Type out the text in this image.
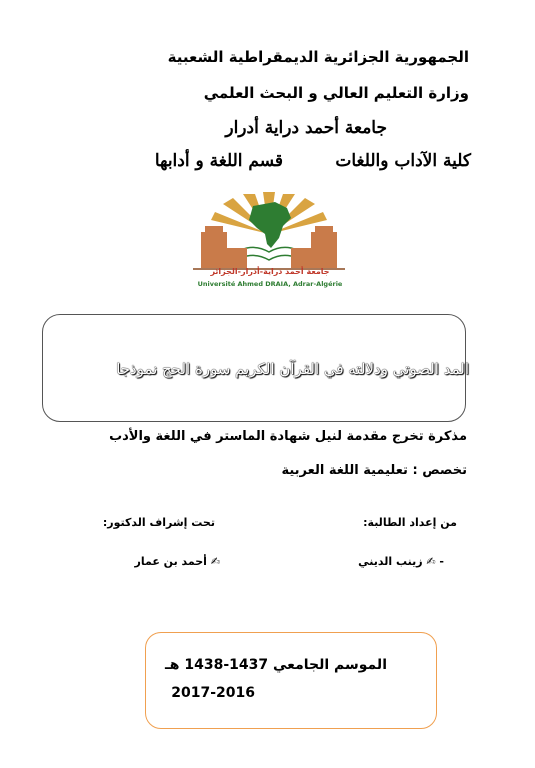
الجمهورية الجزائرية الديمقراطية الشعبية
وزارة التعليم العالي و البحث العلمي
جامعة أحمد دراية أدرار
كلية الآداب واللغات
قسم اللغة و أدابها
جامعة أحمد دراية-أدرار-الجزائر
Université Ahmed DRAIA, Adrar-Algérie
المد الصوتي ودلالته في القرآن الكريم سورة الحج نموذجا
مذكرة تخرج مقدمة لنيل شهادة الماستر في اللغة والأدب
تخصص : تعليمية اللغة العربية
من إعداد الطالبة:
تحت إشراف الدكتور:
- ✍ زينب الديني
✍ أحمد بن عمار
الموسم الجامعي 1437-1438 هـ
2017-2016
